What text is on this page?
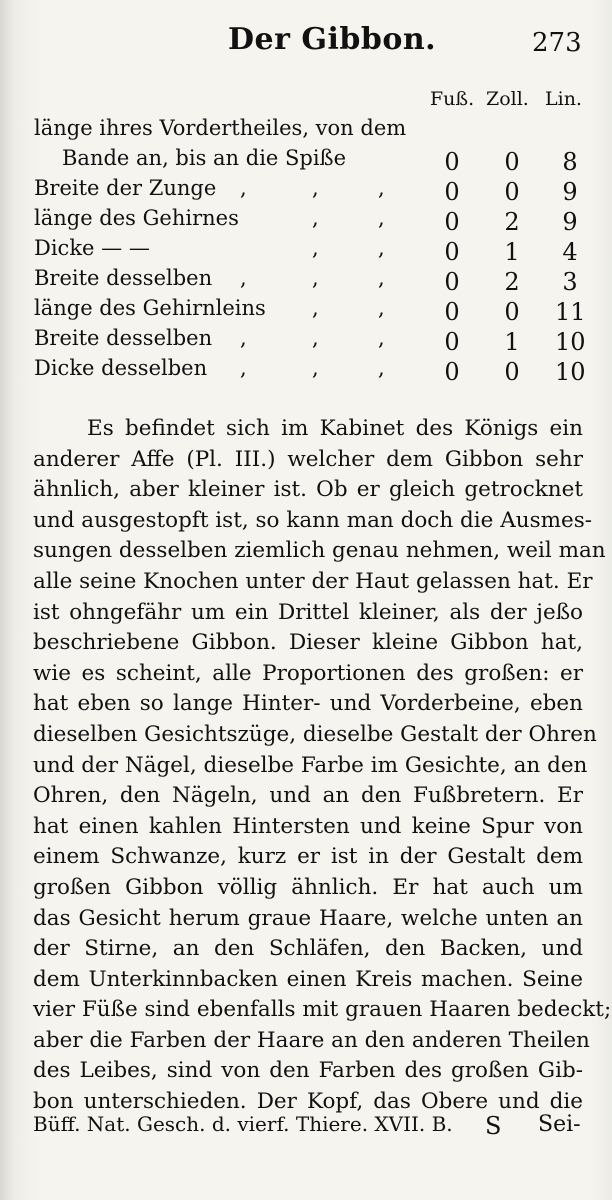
Der Gibbon.	273
Fuß. Zoll. Lin.
länge ihres Vordertheiles, von dem
Bande an, bis an die Spiße	0	0	8
Breite der Zunge ,	,	,	0	0	9
länge des Gehirnes	,	,	0	2	9
Dicke — —	,	,	0	1	4
Breite desselben ,	,	,	0	2	3
länge des Gehirnleins ,	,	0	0	11
Breite desselben ,	,	,	0	1	10
Dicke desselben ,	,	,	0	0	10
Es befindet sich im Kabinet des Königs ein
anderer Affe (Pl. III.) welcher dem Gibbon sehr
ähnlich, aber kleiner ist. Ob er gleich getrocknet
und ausgestopft ist, so kann man doch die Ausmes-
sungen desselben ziemlich genau nehmen, weil man
alle seine Knochen unter der Haut gelassen hat. Er
ist ohngefähr um ein Drittel kleiner, als der jeßo
beschriebene Gibbon. Dieser kleine Gibbon hat,
wie es scheint, alle Proportionen des großen: er
hat eben so lange Hinter- und Vorderbeine, eben
dieselben Gesichtszüge, dieselbe Gestalt der Ohren
und der Nägel, dieselbe Farbe im Gesichte, an den
Ohren, den Nägeln, und an den Fußbretern. Er
hat einen kahlen Hintersten und keine Spur von
einem Schwanze, kurz er ist in der Gestalt dem
großen Gibbon völlig ähnlich. Er hat auch um
das Gesicht herum graue Haare, welche unten an
der Stirne, an den Schläfen, den Backen, und
dem Unterkinnbacken einen Kreis machen. Seine
vier Füße sind ebenfalls mit grauen Haaren bedeckt;
aber die Farben der Haare an den anderen Theilen
des Leibes, sind von den Farben des großen Gib-
bon unterschieden. Der Kopf, das Obere und die
Büff. Nat. Gesch. d. vierf. Thiere. XVII. B. S Sei-
